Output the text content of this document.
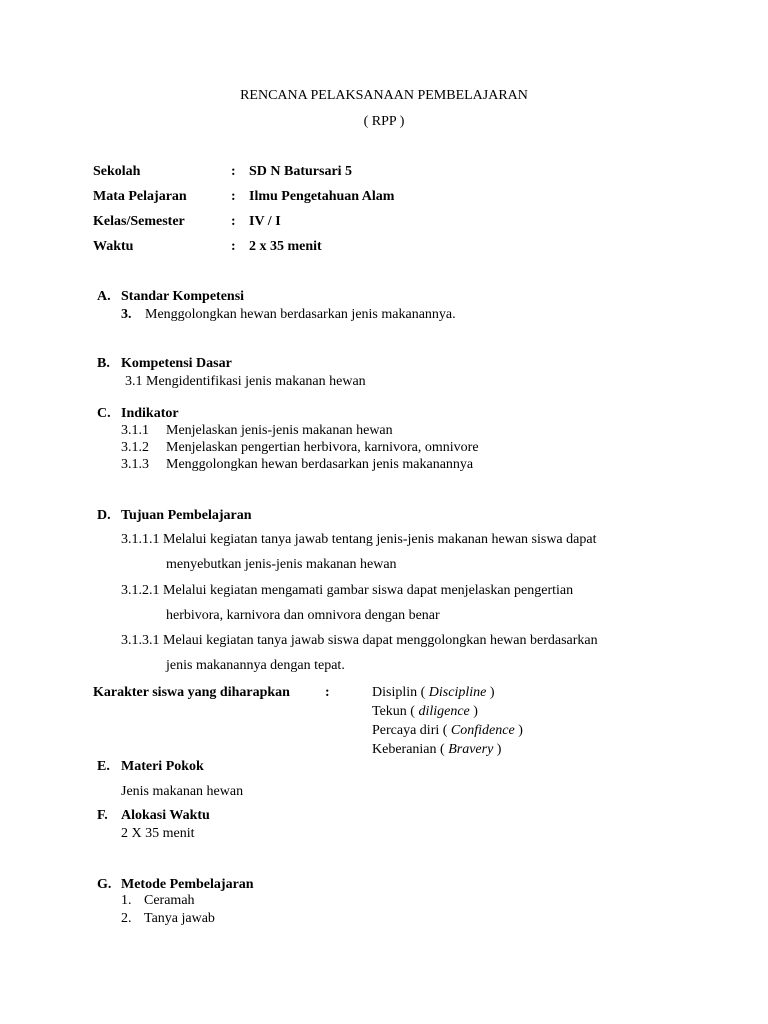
RENCANA PELAKSANAAN PEMBELAJARAN
( RPP )
Sekolah	: SD N Batursari 5
Mata Pelajaran	: Ilmu Pengetahuan Alam
Kelas/Semester	: IV / I
Waktu	: 2 x 35 menit
A. Standar Kompetensi
3. Menggolongkan hewan berdasarkan jenis makanannya.
B. Kompetensi Dasar
3.1 Mengidentifikasi jenis makanan hewan
C. Indikator
3.1.1 Menjelaskan jenis-jenis makanan hewan
3.1.2 Menjelaskan pengertian herbivora, karnivora, omnivore
3.1.3 Menggolongkan hewan berdasarkan jenis makanannya
D. Tujuan Pembelajaran
3.1.1.1 Melalui kegiatan tanya jawab tentang jenis-jenis makanan hewan siswa dapat
menyebutkan jenis-jenis makanan hewan
3.1.2.1 Melalui kegiatan mengamati gambar siswa dapat menjelaskan pengertian
herbivora, karnivora dan omnivora dengan benar
3.1.3.1 Melaui kegiatan tanya jawab siswa dapat menggolongkan hewan berdasarkan
jenis makanannya dengan tepat.
Karakter siswa yang diharapkan	:	Disiplin ( Discipline )
Tekun ( diligence )
Percaya diri ( Confidence )
Keberanian ( Bravery )
E. Materi Pokok
Jenis makanan hewan
F. Alokasi Waktu
2 X 35 menit
G. Metode Pembelajaran
1. Ceramah
2. Tanya jawab
